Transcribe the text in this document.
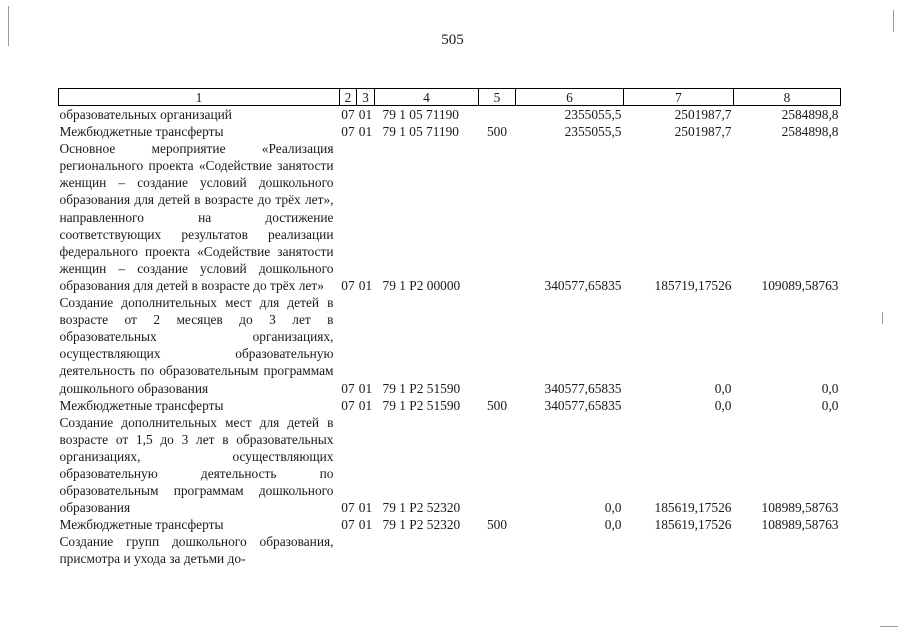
505
1	2	3	4	5	6	7	8
образовательных организаций	07	01	79 1 05 71190		2355055,5	2501987,7	2584898,8
Межбюджетные трансферты	07	01	79 1 05 71190	500	2355055,5	2501987,7	2584898,8
Основное мероприятие «Реализация регионального проекта «Содействие занятости женщин – создание условий дошкольного образования для детей в возрасте до трёх лет», направленного на достижение соответствующих результатов реализации федерального проекта «Содействие занятости женщин – создание условий дошкольного образования для детей в возрасте до трёх лет»	07	01	79 1 P2 00000		340577,65835	185719,17526	109089,58763
Создание дополнительных мест для детей в возрасте от 2 месяцев до 3 лет в образовательных организациях, осуществляющих образовательную деятельность по образовательным программам дошкольного образования	07	01	79 1 P2 51590		340577,65835	0,0	0,0
Межбюджетные трансферты	07	01	79 1 P2 51590	500	340577,65835	0,0	0,0
Создание дополнительных мест для детей в возрасте от 1,5 до 3 лет в образовательных организациях, осуществляющих образовательную деятельность по образовательным программам дошкольного образования	07	01	79 1 P2 52320		0,0	185619,17526	108989,58763
Межбюджетные трансферты	07	01	79 1 P2 52320	500	0,0	185619,17526	108989,58763
Создание групп дошкольного образования, присмотра и ухода за детьми до-							
